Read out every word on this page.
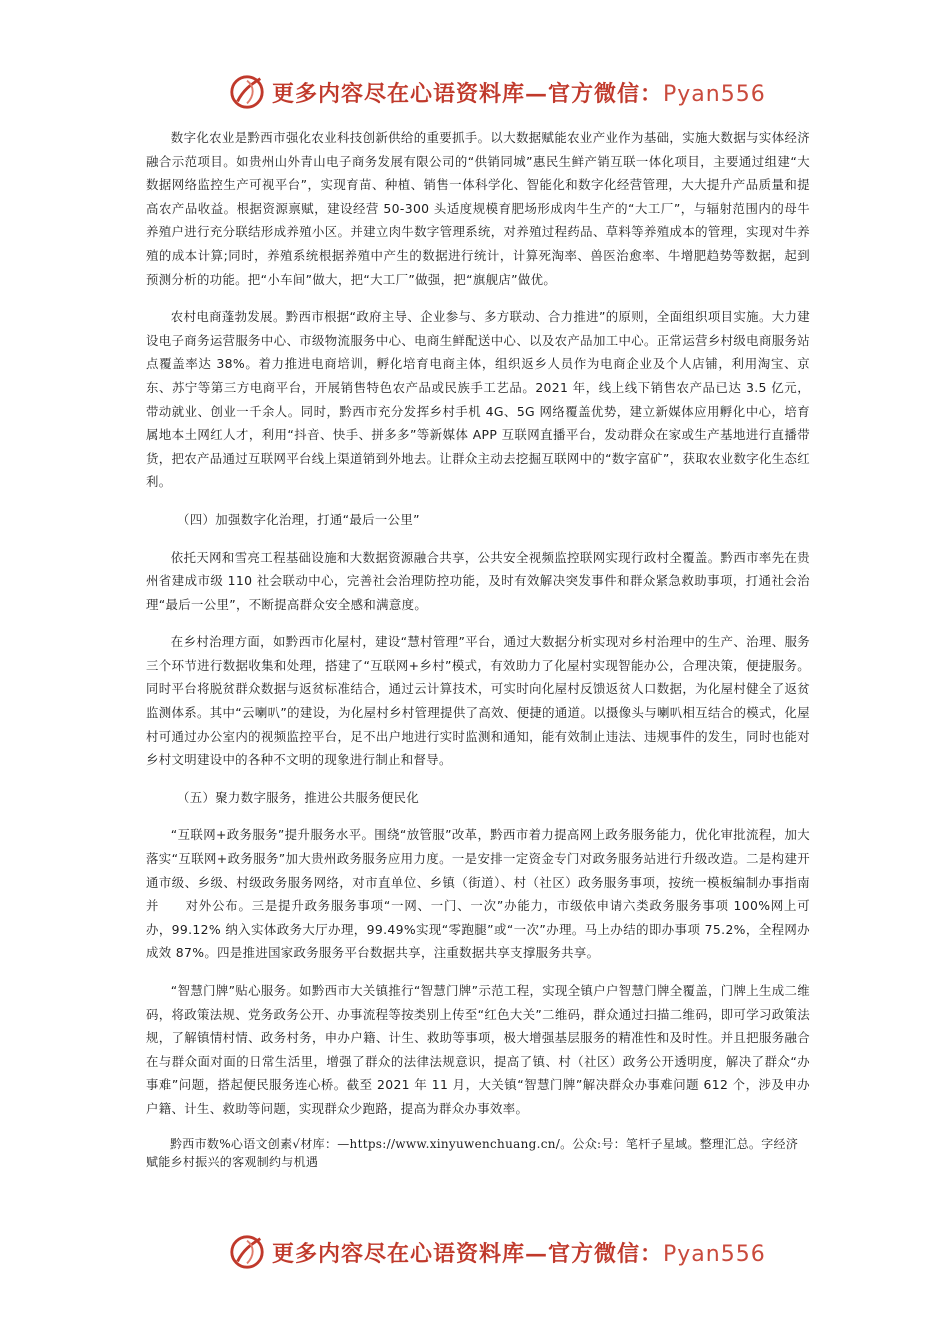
更多内容尽在心语资料库—官方微信：Pyan556

数字化农业是黔西市强化农业科技创新供给的重要抓手。以大数据赋能农业产业作为基础，实施大数据与实体经济融合示范项目。如贵州山外青山电子商务发展有限公司的“供销同城”惠民生鲜产销互联一体化项目，主要通过组建“大数据网络监控生产可视平台”，实现育苗、种植、销售一体科学化、智能化和数字化经营管理，大大提升产品质量和提高农产品收益。根据资源禀赋，建设经营 50-300 头适度规模育肥场形成肉牛生产的“大工厂”，与辐射范围内的母牛养殖户进行充分联结形成养殖小区。并建立肉牛数字管理系统，对养殖过程药品、草料等养殖成本的管理，实现对牛养殖的成本计算;同时，养殖系统根据养殖中产生的数据进行统计，计算死淘率、兽医治愈率、牛增肥趋势等数据，起到预测分析的功能。把“小车间”做大，把“大工厂”做强，把“旗舰店”做优。

农村电商蓬勃发展。黔西市根据“政府主导、企业参与、多方联动、合力推进”的原则，全面组织项目实施。大力建设电子商务运营服务中心、市级物流服务中心、电商生鲜配送中心、以及农产品加工中心。正常运营乡村级电商服务站点覆盖率达 38%。着力推进电商培训，孵化培育电商主体，组织返乡人员作为电商企业及个人店铺，利用淘宝、京东、苏宁等第三方电商平台，开展销售特色农产品或民族手工艺品。2021 年，线上线下销售农产品已达 3.5 亿元，带动就业、创业一千余人。同时，黔西市充分发挥乡村手机 4G、5G 网络覆盖优势，建立新媒体应用孵化中心，培育属地本土网红人才，利用“抖音、快手、拼多多”等新媒体 APP 互联网直播平台，发动群众在家或生产基地进行直播带货，把农产品通过互联网平台线上渠道销到外地去。让群众主动去挖掘互联网中的“数字富矿”，获取农业数字化生态红利。

（四）加强数字化治理，打通“最后一公里”

依托天网和雪亮工程基础设施和大数据资源融合共享，公共安全视频监控联网实现行政村全覆盖。黔西市率先在贵州省建成市级 110 社会联动中心，完善社会治理防控功能，及时有效解决突发事件和群众紧急救助事项，打通社会治理“最后一公里”，不断提高群众安全感和满意度。

在乡村治理方面，如黔西市化屋村，建设“慧村管理”平台，通过大数据分析实现对乡村治理中的生产、治理、服务三个环节进行数据收集和处理，搭建了“互联网+乡村”模式，有效助力了化屋村实现智能办公，合理决策，便捷服务。同时平台将脱贫群众数据与返贫标准结合，通过云计算技术，可实时向化屋村反馈返贫人口数据，为化屋村健全了返贫监测体系。其中“云喇叭”的建设，为化屋村乡村管理提供了高效、便捷的通道。以摄像头与喇叭相互结合的模式，化屋村可通过办公室内的视频监控平台，足不出户地进行实时监测和通知，能有效制止违法、违规事件的发生，同时也能对乡村文明建设中的各种不文明的现象进行制止和督导。

（五）聚力数字服务，推进公共服务便民化

“互联网+政务服务”提升服务水平。围绕“放管服”改革，黔西市着力提高网上政务服务能力，优化审批流程，加大落实“互联网+政务服务”加大贵州政务服务应用力度。一是安排一定资金专门对政务服务站进行升级改造。二是构建开通市级、乡级、村级政务服务网络，对市直单位、乡镇（街道）、村（社区）政务服务事项，按统一模板编制办事指南并　　对外公布。三是提升政务服务事项“一网、一门、一次”办能力，市级依申请六类政务服务事项 100%网上可办，99.12% 纳入实体政务大厅办理，99.49%实现“零跑腿”或“一次”办理。马上办结的即办事项 75.2%，全程网办成效 87%。四是推进国家政务服务平台数据共享，注重数据共享支撑服务共享。

“智慧门牌”贴心服务。如黔西市大关镇推行“智慧门牌”示范工程，实现全镇户户智慧门牌全覆盖，门牌上生成二维码，将政策法规、党务政务公开、办事流程等按类别上传至“红色大关”二维码，群众通过扫描二维码，即可学习政策法规，了解镇情村情、政务村务，申办户籍、计生、救助等事项，极大增强基层服务的精准性和及时性。并且把服务融合在与群众面对面的日常生活里，增强了群众的法律法规意识，提高了镇、村（社区）政务公开透明度，解决了群众“办事难”问题，搭起便民服务连心桥。截至 2021 年 11 月，大关镇“智慧门牌”解决群众办事难问题 612 个，涉及申办户籍、计生、救助等问题，实现群众少跑路，提高为群众办事效率。

黔西市数%心语文创素√材库：—https://www.xinyuwenchuang.cn/。公众:号：笔杆子星域。整理汇总。字经济赋能乡村振兴的客观制约与机遇

更多内容尽在心语资料库—官方微信：Pyan556
